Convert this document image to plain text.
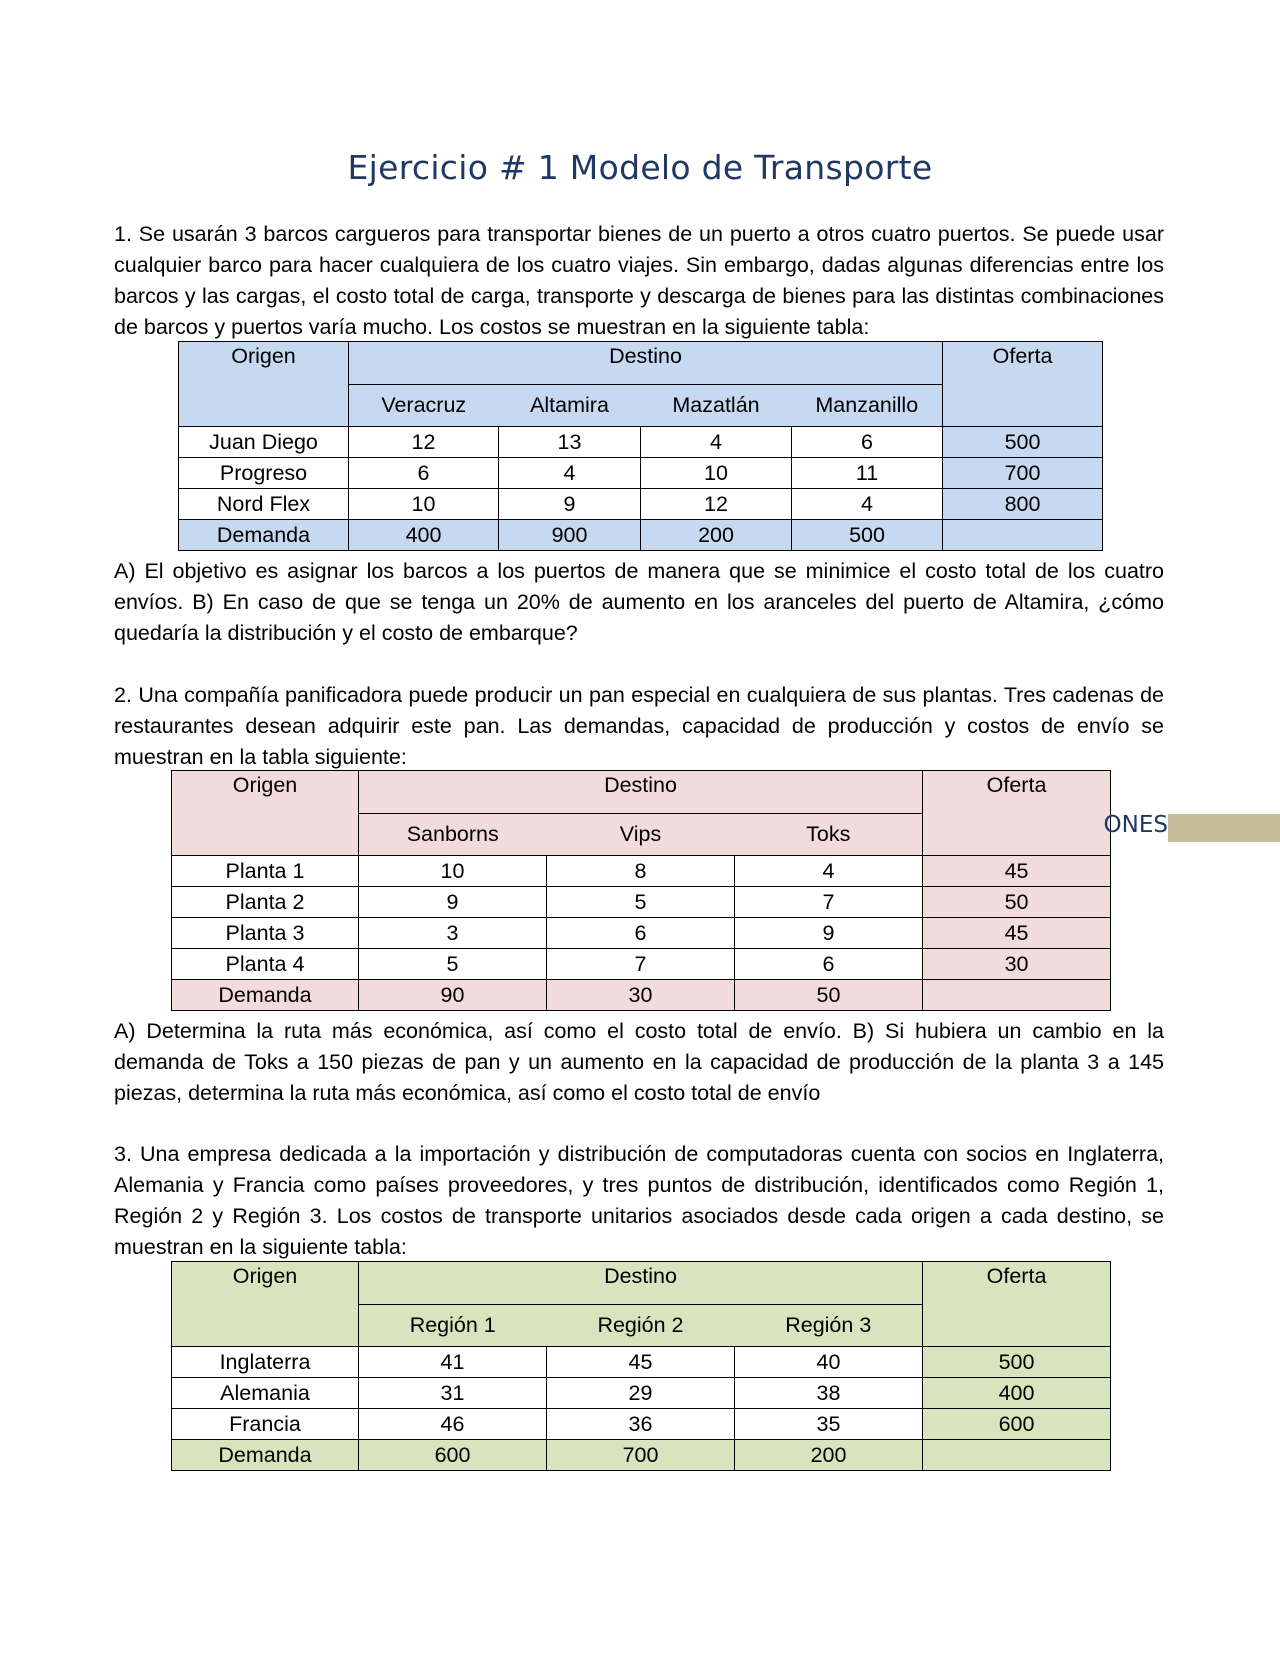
Ejercicio # 1 Modelo de Transporte

1. Se usarán 3 barcos cargueros para transportar bienes de un puerto a otros cuatro puertos. Se puede usar cualquier barco para hacer cualquiera de los cuatro viajes. Sin embargo, dadas algunas diferencias entre los barcos y las cargas, el costo total de carga, transporte y descarga de bienes para las distintas combinaciones de barcos y puertos varía mucho. Los costos se muestran en la siguiente tabla:

Origen	Destino				Oferta
	Veracruz	Altamira	Mazatlán	Manzanillo	
Juan Diego	12	13	4	6	500
Progreso	6	4	10	11	700
Nord Flex	10	9	12	4	800
Demanda	400	900	200	500	

A) El objetivo es asignar los barcos a los puertos de manera que se minimice el costo total de los cuatro envíos. B) En caso de que se tenga un 20% de aumento en los aranceles del puerto de Altamira, ¿cómo quedaría la distribución y el costo de embarque?

2. Una compañía panificadora puede producir un pan especial en cualquiera de sus plantas. Tres cadenas de restaurantes desean adquirir este pan. Las demandas, capacidad de producción y costos de envío se muestran en la tabla siguiente:

Origen	Destino			Oferta
	Sanborns	Vips	Toks	
Planta 1	10	8	4	45
Planta 2	9	5	7	50
Planta 3	3	6	9	45
Planta 4	5	7	6	30
Demanda	90	30	50	
ONES

A) Determina la ruta más económica, así como el costo total de envío. B) Si hubiera un cambio en la demanda de Toks a 150 piezas de pan y un aumento en la capacidad de producción de la planta 3 a 145 piezas, determina la ruta más económica, así como el costo total de envío

3. Una empresa dedicada a la importación y distribución de computadoras cuenta con socios en Inglaterra, Alemania y Francia como países proveedores, y tres puntos de distribución, identificados como Región 1, Región 2 y Región 3. Los costos de transporte unitarios asociados desde cada origen a cada destino, se muestran en la siguiente tabla:

Origen	Destino			Oferta
	Región 1	Región 2	Región 3	
Inglaterra	41	45	40	500
Alemania	31	29	38	400
Francia	46	36	35	600
Demanda	600	700	200	
